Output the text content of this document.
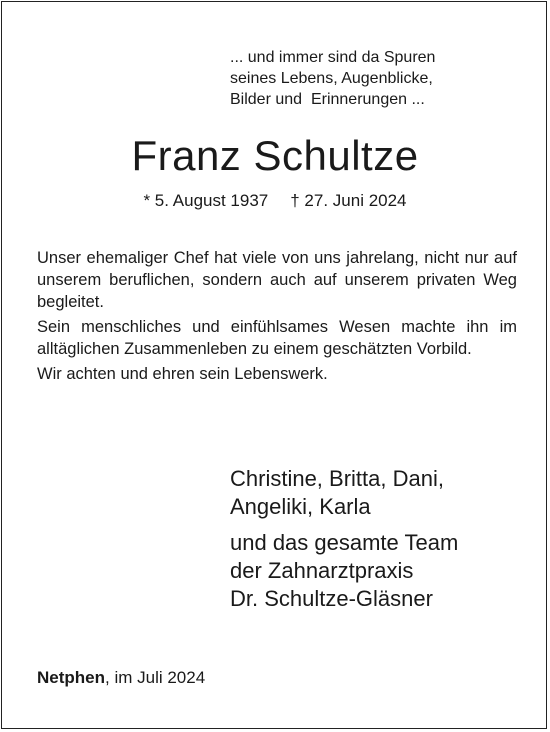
... und immer sind da Spuren
seines Lebens, Augenblicke,
Bilder und  Erinnerungen ...
Franz Schultze
* 5. August 1937 † 27. Juni 2024

Unser ehemaliger Chef hat viele von uns jahrelang, nicht nur auf unserem beruflichen, sondern auch auf unserem privaten Weg begleitet.

Sein menschliches und einfühlsames Wesen machte ihn im alltäglichen Zusammenleben zu einem geschätzten Vorbild.

Wir achten und ehren sein Lebenswerk.

Christine, Britta, Dani,
Angeliki, Karla
und das gesamte Team
der Zahnarztpraxis
Dr. Schultze-Gläsner
Netphen, im Juli 2024
